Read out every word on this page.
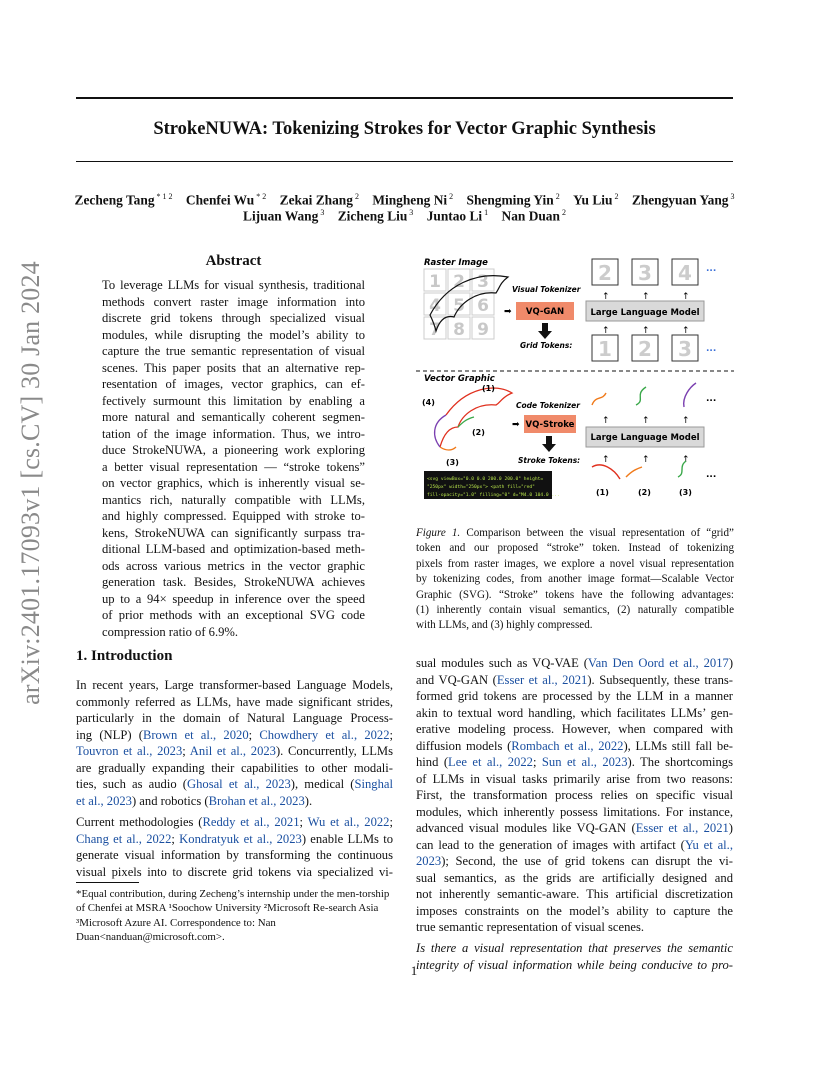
StrokeNUWA: Tokenizing Strokes for Vector Graphic Synthesis
Zecheng Tang $^{* 1 2}$  Chenfei Wu $^{* 2}$  Zekai Zhang $^2$  Mingheng Ni $^2$  Shengming Yin $^2$  Yu Liu $^2$  Zhengyuan Yang $^3$
Lijuan Wang $^3$  Zicheng Liu $^3$  Juntao Li $^1$  Nan Duan $^2$
arXiv:2401.17093v1 [cs.CV] 30 Jan 2024	Abstract
To leverage LLMs for visual synthesis, traditional
methods convert raster image information into
discrete grid tokens through specialized visual
modules, while disrupting the model’s ability to
capture the true semantic representation of visual
scenes. This paper posits that an alternative rep-
resentation of images, vector graphics, can ef-
fectively surmount this limitation by enabling a
more natural and semantically coherent segmen-
tation of the image information. Thus, we intro-
duce StrokeNUWA, a pioneering work exploring
a better visual representation — “stroke tokens”
on vector graphics, which is inherently visual se-
mantics rich, naturally compatible with LLMs,
and highly compressed. Equipped with stroke to-
kens, StrokeNUWA can significantly surpass tra-
ditional LLM-based and optimization-based meth-
ods across various metrics in the vector graphic
generation task. Besides, StrokeNUWA achieves
up to a 94× speedup in inference over the speed
of prior methods with an exceptional SVG code
compression ratio of 6.9%.
1. Introduction
In recent years, Large transformer-based Language Models,
commonly referred as LLMs, have made significant strides,
particularly in the domain of Natural Language Process-
ing (NLP) (Brown et al., 2020; Chowdhery et al., 2022;
Touvron et al., 2023; Anil et al., 2023). Concurrently, LLMs
are gradually expanding their capabilities to other modali-
ties, such as audio (Ghosal et al., 2023), medical (Singhal
et al., 2023) and robotics (Brohan et al., 2023).
Current methodologies (Reddy et al., 2021; Wu et al., 2022;
Chang et al., 2022; Kondratyuk et al., 2023) enable LLMs to
generate visual information by transforming the continuous
visual pixels into to discrete grid tokens via specialized vi-
*Equal contribution, during Zecheng’s internship under the men-torship of Chenfei at MSRA ¹Soochow University ²Microsoft Re-search Asia ³Microsoft Azure AI. Correspondence to: Nan Duan<nanduan@microsoft.com>.
sual modules such as VQ-VAE (Van Den Oord et al., 2017)
and VQ-GAN (Esser et al., 2021). Subsequently, these trans-
formed grid tokens are processed by the LLM in a manner
akin to textual word handling, which facilitates LLMs’ gen-
erative modeling process. However, when compared with
diffusion models (Rombach et al., 2022), LLMs still fall be-
hind (Lee et al., 2022; Sun et al., 2023). The shortcomings
of LLMs in visual tasks primarily arise from two reasons:
First, the transformation process relies on specific visual
modules, which inherently possess limitations. For instance,
advanced visual modules like VQ-GAN (Esser et al., 2021)
can lead to the generation of images with artifact (Yu et al.,
2023); Second, the use of grid tokens can disrupt the vi-
sual semantics, as the grids are artificially designed and
not inherently semantic-aware. This artificial discretization
imposes constraints on the model’s ability to capture the
true semantic representation of visual scenes.
Is there a visual representation that preserves the semantic
integrity of visual information while being conducive to pro-
Raster Image
1 2 3
4 5 6
7 8 9
Visual Tokenizer
➡ VQ-GAN
Grid Tokens:
Large Language Model
2
↑
3
↑
4
↑
...
1
↑
2
↑
3
↑
...
Vector Graphic
(1)
(2)
(3)
(4)
<svg viewBox="0.0 0.0 200.0 200.0" height=
"250px" width="250px"> <path fill="red"
fill-opacity="1.0" filling="0" d="M4.0 104.0 ...
Code Tokenizer
➡ VQ-Stroke
Stroke Tokens:
Large Language Model
...
↑	↑	↑
↑	↑	↑
...
(1)	(2)	(3)
Figure 1. Comparison between the visual representation of “grid”
token and our proposed “stroke” token. Instead of tokenizing
pixels from raster images, we explore a novel visual representation
by tokenizing codes, from another image format—Scalable Vector
Graphic (SVG). “Stroke” tokens have the following advantages:
(1) inherently contain visual semantics, (2) naturally compatible
with LLMs, and (3) highly compressed.
1
